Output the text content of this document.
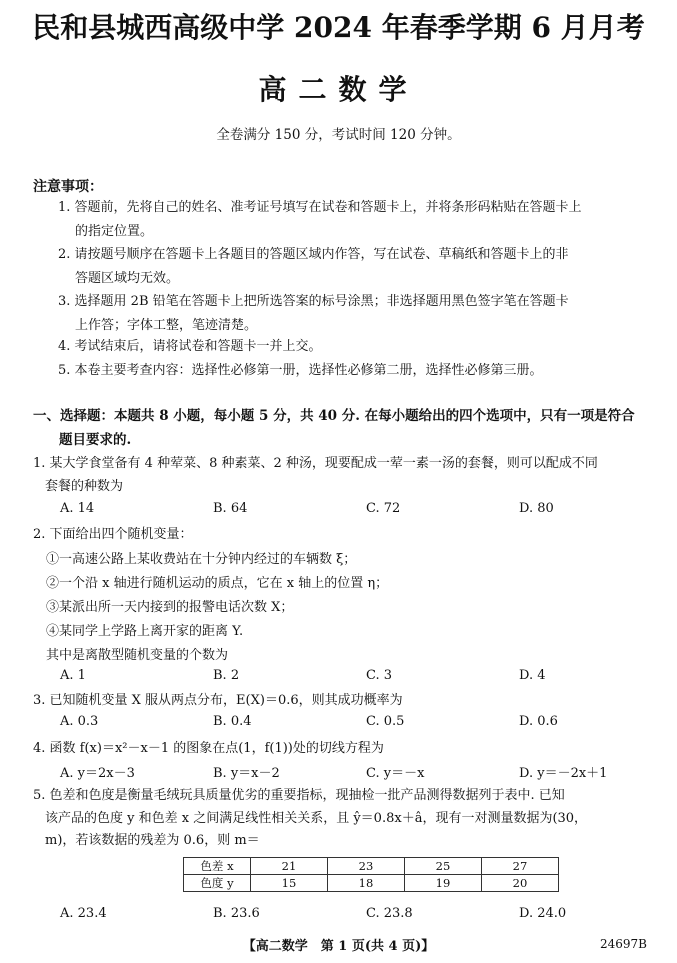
民和县城西高级中学 2024 年春季学期 6 月月考
高二数学
全卷满分 150 分，考试时间 120 分钟。
注意事项：
1. 答题前，先将自己的姓名、准考证号填写在试卷和答题卡上，并将条形码粘贴在答题卡上
的指定位置。
2. 请按题号顺序在答题卡上各题目的答题区域内作答，写在试卷、草稿纸和答题卡上的非
答题区域均无效。
3. 选择题用 2B 铅笔在答题卡上把所选答案的标号涂黑；非选择题用黑色签字笔在答题卡
上作答；字体工整，笔迹清楚。
4. 考试结束后，请将试卷和答题卡一并上交。
5. 本卷主要考查内容：选择性必修第一册，选择性必修第二册，选择性必修第三册。
一、选择题：本题共 8 小题，每小题 5 分，共 40 分. 在每小题给出的四个选项中，只有一项是符合
题目要求的.
1. 某大学食堂备有 4 种荤菜、8 种素菜、2 种汤，现要配成一荤一素一汤的套餐，则可以配成不同
套餐的种数为
A. 14	B. 64	C. 72	D. 80
2. 下面给出四个随机变量：
①一高速公路上某收费站在十分钟内经过的车辆数 ξ；
②一个沿 x 轴进行随机运动的质点，它在 x 轴上的位置 η；
③某派出所一天内接到的报警电话次数 X；
④某同学上学路上离开家的距离 Y.
其中是离散型随机变量的个数为
A. 1	B. 2	C. 3	D. 4
3. 已知随机变量 X 服从两点分布，E(X)＝0.6，则其成功概率为
A. 0.3	B. 0.4	C. 0.5	D. 0.6
4. 函数 f(x)＝x²－x－1 的图象在点(1，f(1))处的切线方程为
A. y＝2x－3	B. y＝x－2	C. y＝－x	D. y＝－2x＋1
5. 色差和色度是衡量毛绒玩具质量优劣的重要指标，现抽检一批产品测得数据列于表中. 已知
该产品的色度 y 和色差 x 之间满足线性相关关系，且 ŷ＝0.8x＋â，现有一对测量数据为(30，
m)，若该数据的残差为 0.6，则 m＝
色差 x	21	23	25	27
色度 y	15	18	19	20
A. 23.4	B. 23.6	C. 23.8	D. 24.0
【高二数学　第 1 页(共 4 页)】	24697B
